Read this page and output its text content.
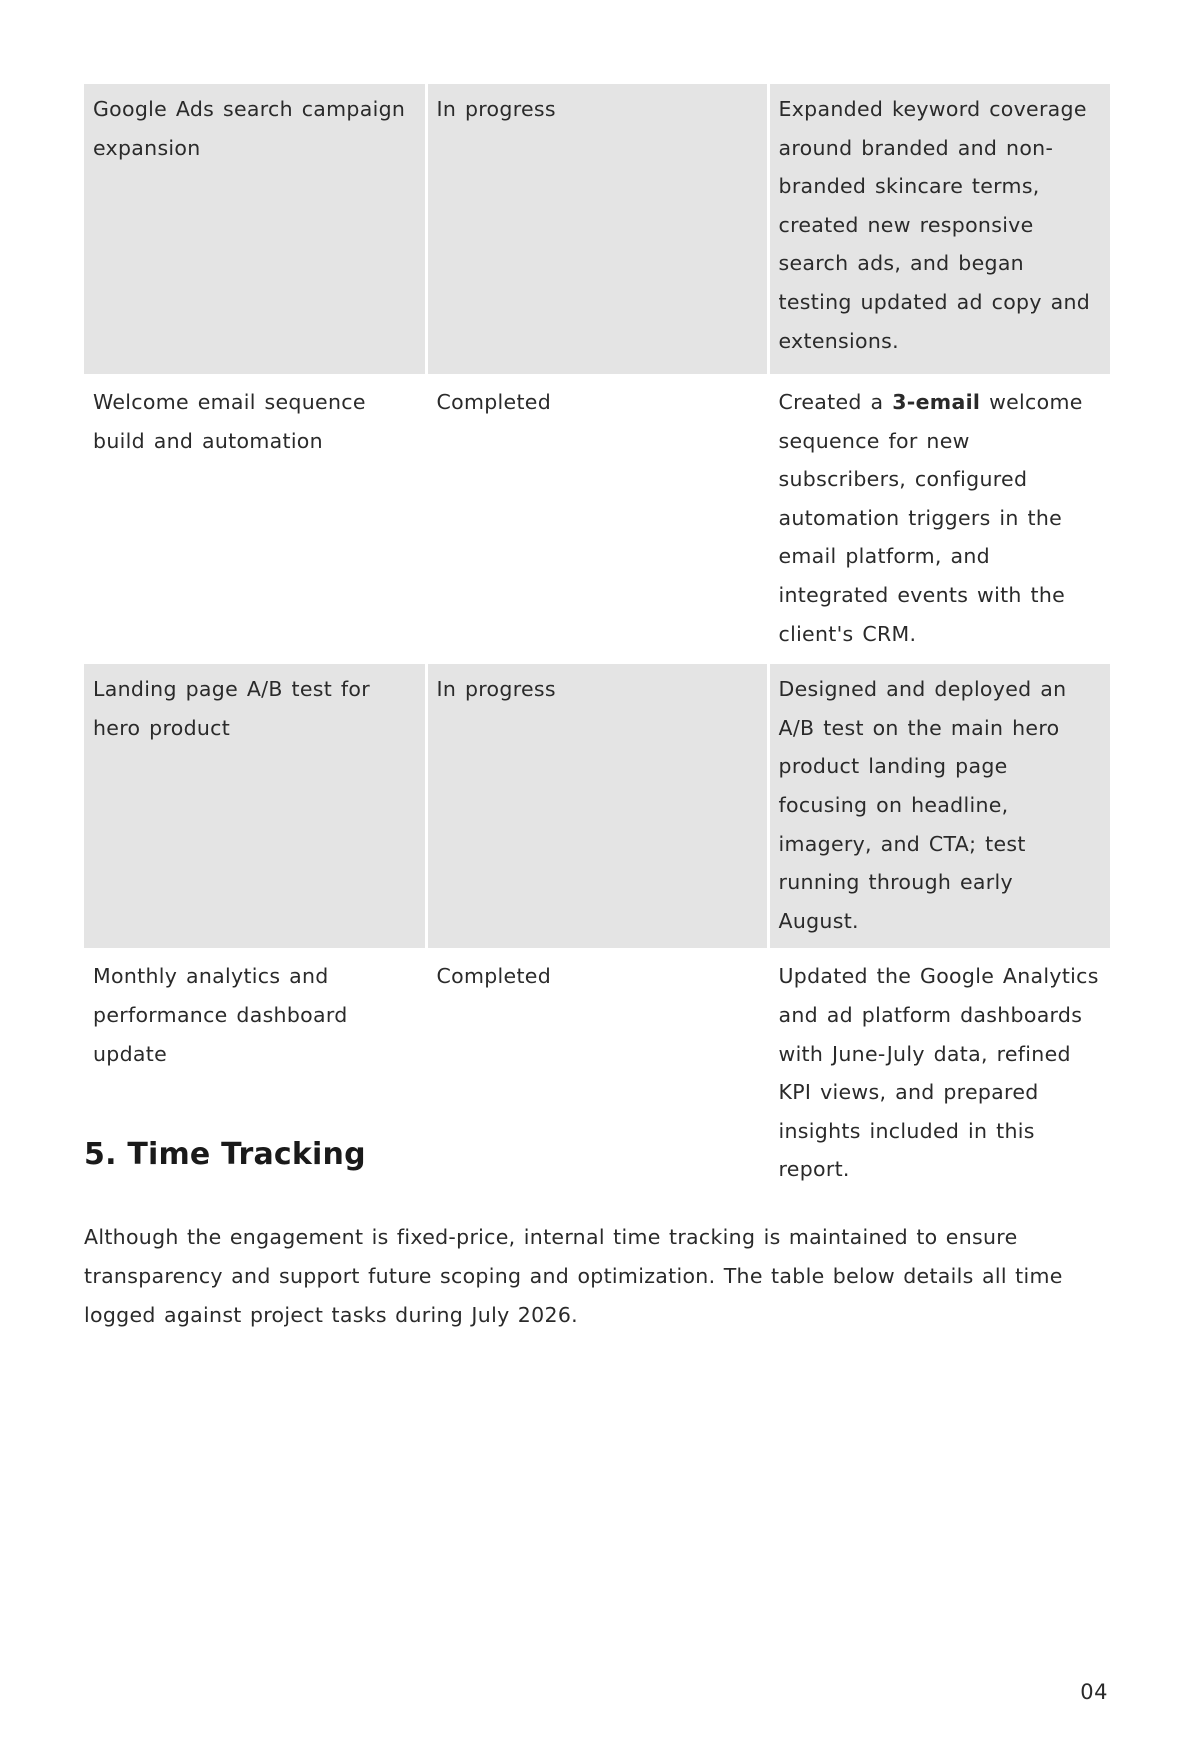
Google Ads search campaign expansion	In progress	Expanded keyword coverage around branded and non-branded skincare terms, created new responsive search ads, and began testing updated ad copy and extensions.
Welcome email sequence build and automation	Completed	Created a 3-email welcome sequence for new subscribers, configured automation triggers in the email platform, and integrated events with the client's CRM.
Landing page A/B test for hero product	In progress	Designed and deployed an A/B test on the main hero product landing page focusing on headline, imagery, and CTA; test running through early August.
Monthly analytics and performance dashboard update	Completed	Updated the Google Analytics and ad platform dashboards with June-July data, refined KPI views, and prepared insights included in this report.
5. Time Tracking

Although the engagement is fixed-price, internal time tracking is maintained to ensure transparency and support future scoping and optimization. The table below details all time logged against project tasks during July 2026.

04
